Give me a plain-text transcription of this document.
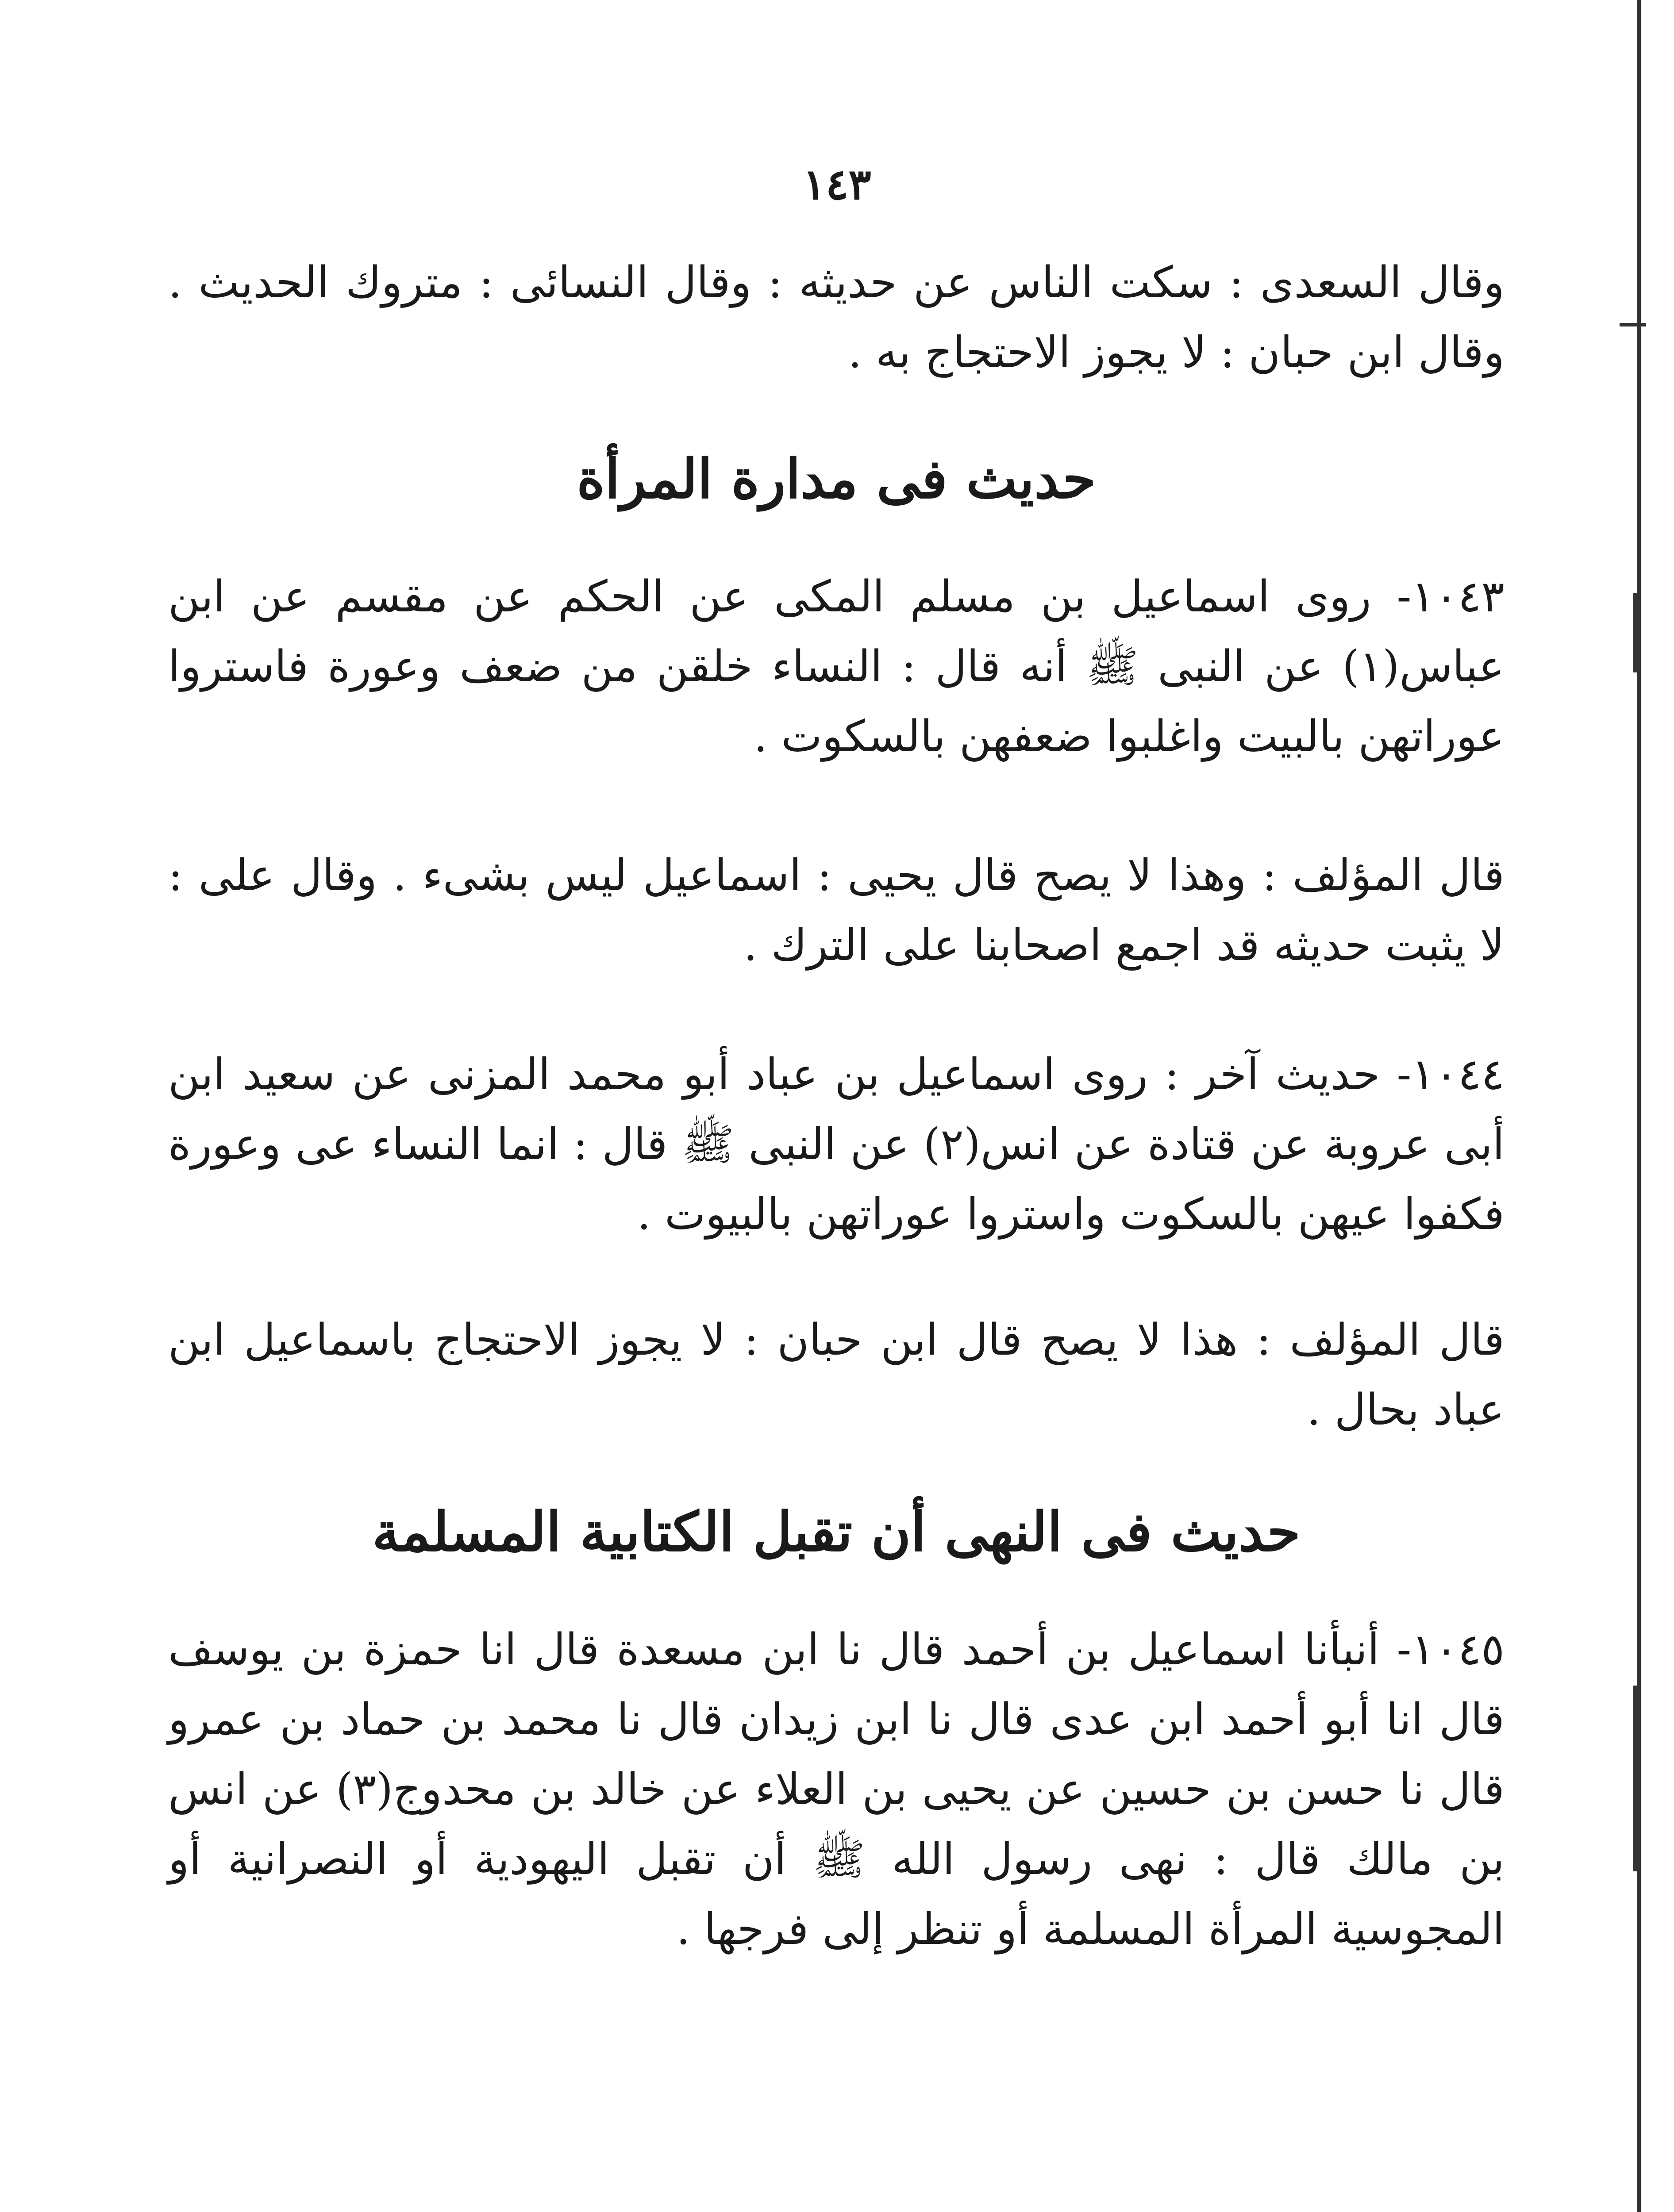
١٤٣

وقال السعدى : سكت الناس عن حديثه : وقال النسائى : متروك الحديث . وقال ابن حبان : لا يجوز الاحتجاج به .

حديث فى مدارة المرأة

١٠٤٣- روى اسماعيل بن مسلم المكى عن الحكم عن مقسم عن ابن عباس(١) عن النبى ﷺ أنه قال : النساء خلقن من ضعف وعورة فاستروا عوراتهن بالبيت واغلبوا ضعفهن بالسكوت .

قال المؤلف : وهذا لا يصح قال يحيى : اسماعيل ليس بشىء . وقال على : لا يثبت حديثه قد اجمع اصحابنا على الترك .

١٠٤٤- حديث آخر : روى اسماعيل بن عباد أبو محمد المزنى عن سعيد ابن أبى عروبة عن قتادة عن انس(٢) عن النبى ﷺ قال : انما النساء عى وعورة فكفوا عيهن بالسكوت واستروا عوراتهن بالبيوت .

قال المؤلف : هذا لا يصح قال ابن حبان : لا يجوز الاحتجاج باسماعيل ابن عباد بحال .

حديث فى النهى أن تقبل الكتابية المسلمة

١٠٤٥- أنبأنا اسماعيل بن أحمد قال نا ابن مسعدة قال انا حمزة بن يوسف قال انا أبو أحمد ابن عدى قال نا ابن زيدان قال نا محمد بن حماد بن عمرو قال نا حسن بن حسين عن يحيى بن العلاء عن خالد بن محدوج(٣) عن انس بن مالك قال : نهى رسول الله ﷺ أن تقبل اليهودية أو النصرانية أو المجوسية المرأة المسلمة أو تنظر إلى فرجها .
